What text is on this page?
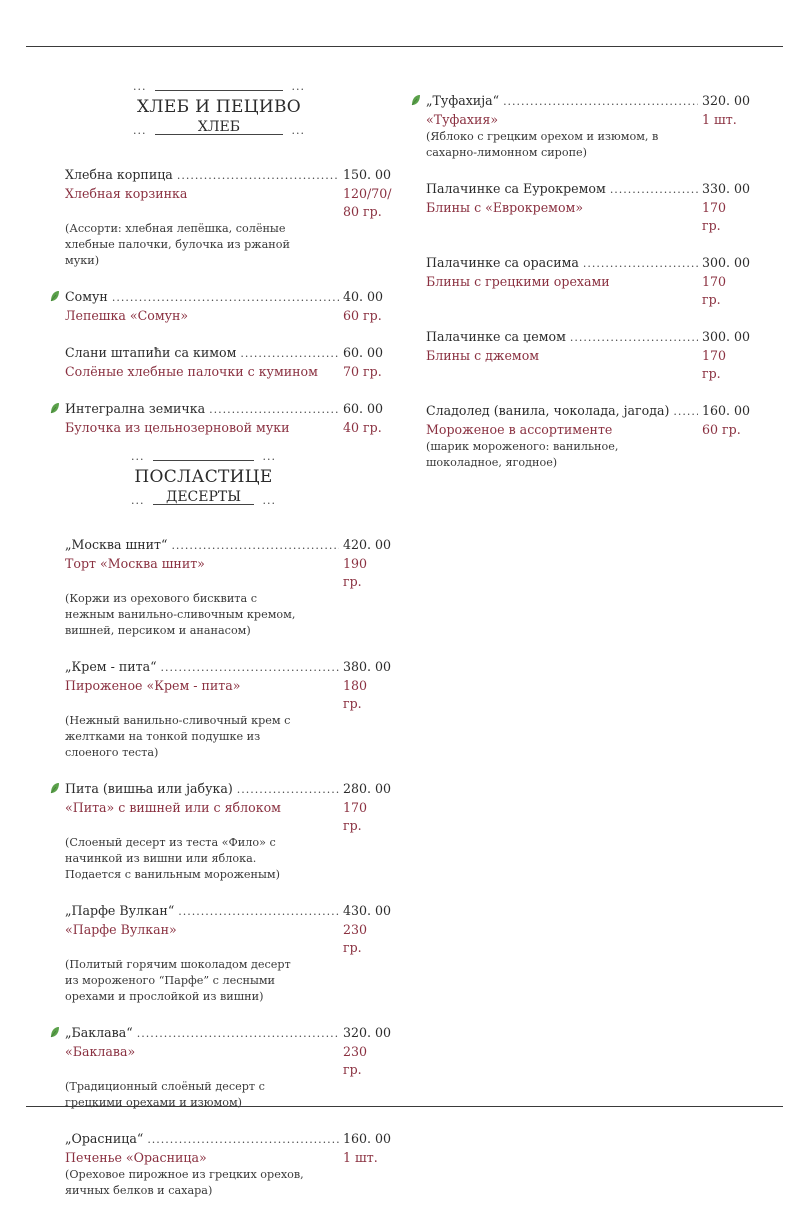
...	...
ХЛЕБ И ПЕЦИВО
ХЛЕБ
...	...
Хлебна корпица .....	150. 00
Хлебная корзинка	120/70/
80 гр.
(Ассорти: хлебная лепёшка, солёные хлебные палочки, булочка из ржаной муки)
Сомун .....	40. 00
Лепешка «Сомун»	60 гр.
Слани штапиħи са кимом .....	60. 00
Солёные хлебные палочки с кумином	70 гр.
Интегрална земичка .....	60. 00
Булочка из цельнозерновой муки	40 гр.
...	...
ПОСЛАСТИЦЕ
ДЕСЕРТЫ
...	...
„Москва шнит“ .....	420. 00
Торт «Москва шнит»	190 гр.
(Коржи из орехового бисквита с нежным ванильно-сливочным кремом, вишней, персиком и ананасом)
„Крем - пита“ .....	380. 00
Пироженое «Крем - пита»	180 гр.
(Нежный ванильно-сливочный крем с желтками на тонкой подушке из слоеного теста)
Пита (вишња или јабука) .....	280. 00
«Пита» с вишней или с яблоком	170 гр.
(Слоеный десерт из теста «Фило» с начинкой из вишни или яблока. Подается с ванильным мороженым)
„Парфе Вулкан“ .....	430. 00
«Парфе Вулкан»	230 гр.
(Политый горячим шоколадом десерт из мороженого “Парфе” с лесными орехами и прослойкой из вишни)
„Баклава“ .....	320. 00
«Баклава»	230 гр.
(Традиционный слоёный десерт с грецкими орехами и изюмом)
„Орасница“ .....	160. 00
Печенье «Орасница»	1 шт.
(Ореховое пирожное из грецких орехов, яичных белков и сахара)
„Туфахија“ .....	320. 00
«Туфахия»	1 шт.
(Яблоко с грецким орехом и изюмом, в сахарно-лимонном сиропе)
Палачинке са Еурокремом .....	330. 00
Блины с «Еврокремом»	170 гр.
Палачинке са орасима .....	300. 00
Блины с грецкими орехами	170 гр.
Палачинке са џемом .....	300. 00
Блины с джемом	170 гр.
Сладолед (ванила, чоколада, јагода) .....	160. 00
Мороженое в ассортименте	60 гр.
(шарик мороженого: ванильное, шоколадное, ягодное)
